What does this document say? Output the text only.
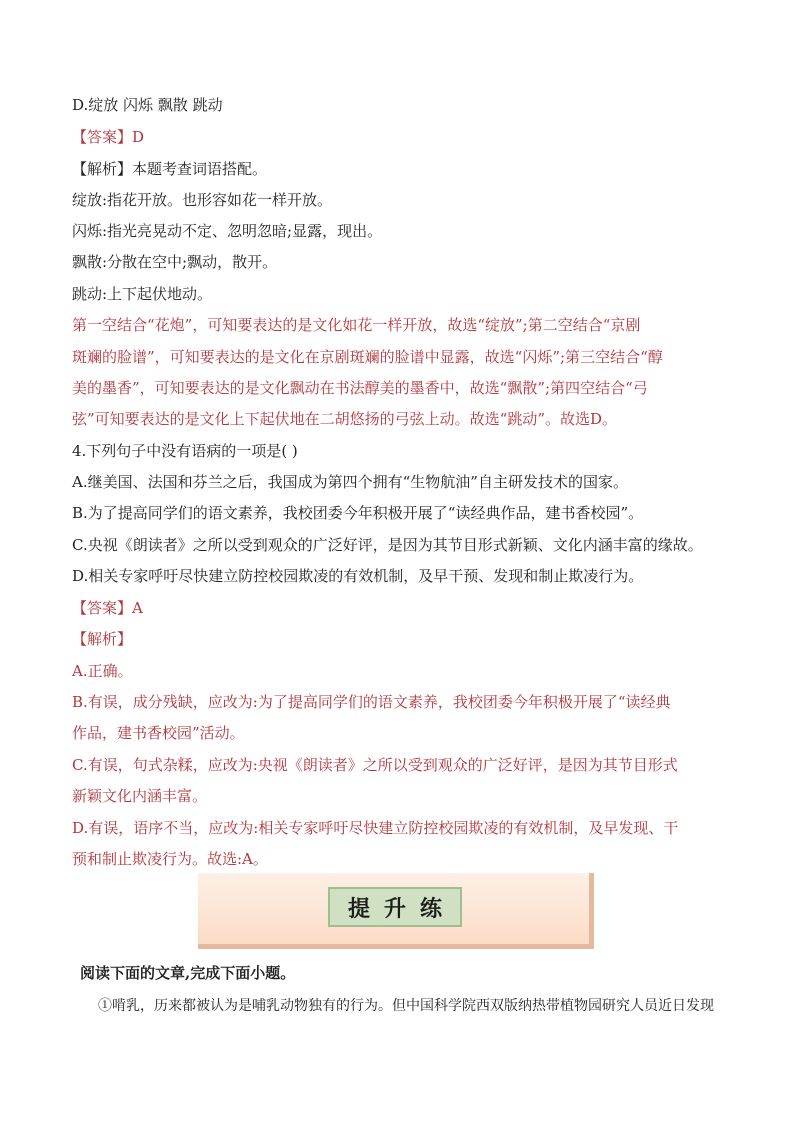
D.绽放 闪烁 飘散 跳动
【答案】D
【解析】本题考查词语搭配。
绽放:指花开放。也形容如花一样开放。
闪烁:指光亮晃动不定、忽明忽暗;显露，现出。
飘散:分散在空中;飘动，散开。
跳动:上下起伏地动。
第一空结合“花炮”，可知要表达的是文化如花一样开放，故选“绽放”;第二空结合“京剧
斑斓的脸谱”，可知要表达的是文化在京剧斑斓的脸谱中显露，故选“闪烁”;第三空结合“醇
美的墨香”，可知要表达的是文化飘动在书法醇美的墨香中，故选“飘散”;第四空结合“弓
弦”可知要表达的是文化上下起伏地在二胡悠扬的弓弦上动。故选“跳动”。故选D。
4.下列句子中没有语病的一项是( )
A.继美国、法国和芬兰之后，我国成为第四个拥有“生物航油”自主研发技术的国家。
B.为了提高同学们的语文素养，我校团委今年积极开展了“读经典作品，建书香校园”。
C.央视《朗读者》之所以受到观众的广泛好评，是因为其节目形式新颖、文化内涵丰富的缘故。
D.相关专家呼吁尽快建立防控校园欺凌的有效机制，及早干预、发现和制止欺凌行为。
【答案】A
【解析】
A.正确。
B.有误，成分残缺，应改为:为了提高同学们的语文素养，我校团委今年积极开展了“读经典
作品，建书香校园”活动。
C.有误，句式杂糅，应改为:央视《朗读者》之所以受到观众的广泛好评，是因为其节目形式
新颖文化内涵丰富。
D.有误，语序不当，应改为:相关专家呼吁尽快建立防控校园欺凌的有效机制，及早发现、干
预和制止欺凌行为。故选:A。
提升练
阅读下面的文章,完成下面小题。
①啃乳，历来都被认为是哺乳动物独有的行为。但中国科学院西双版纳热带植物园研究人员近日发现
